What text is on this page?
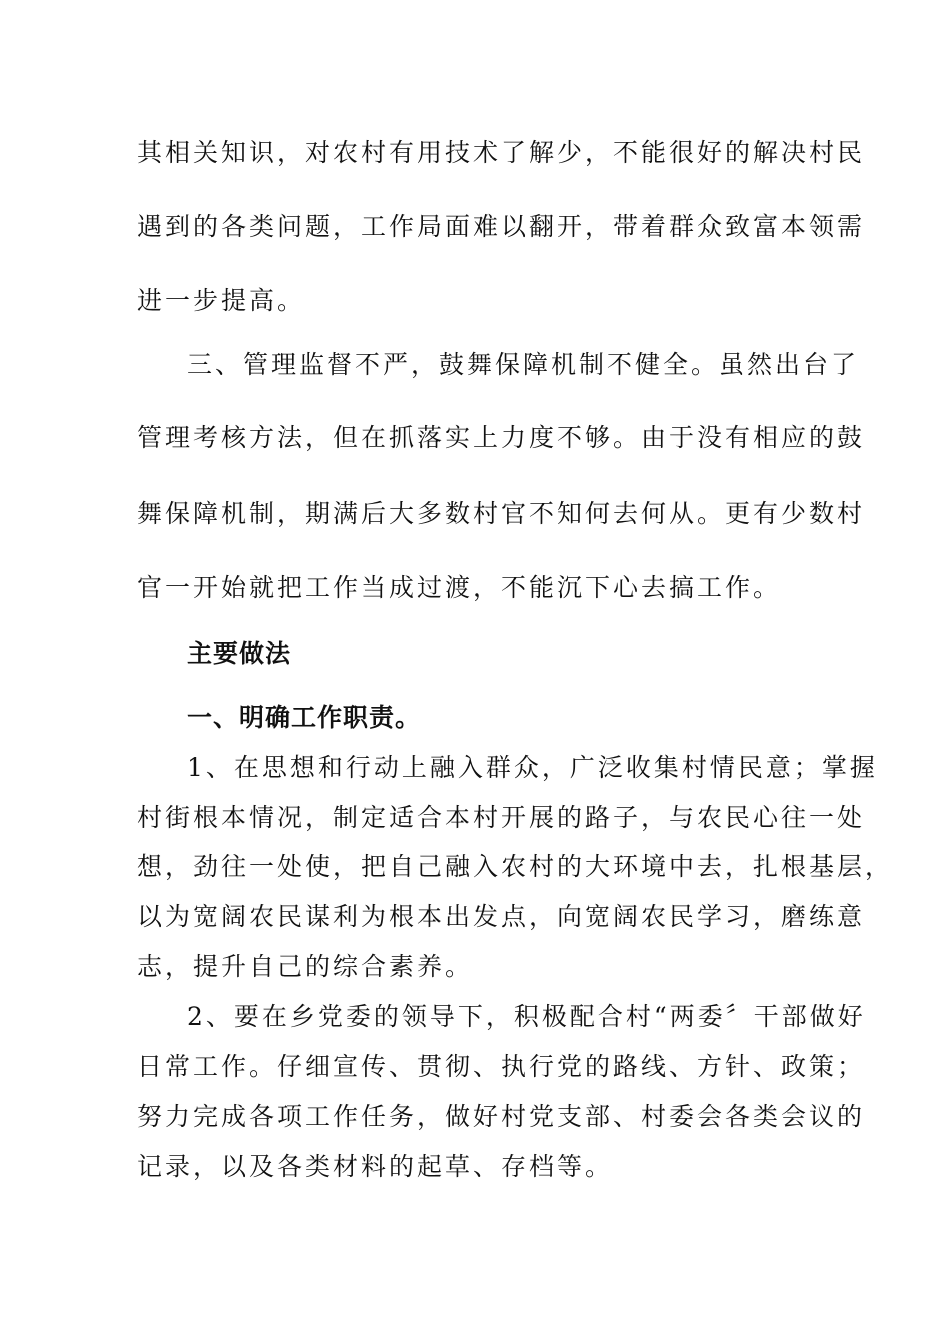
其相关知识，对农村有用技术了解少，不能很好的解决村民
遇到的各类问题，工作局面难以翻开，带着群众致富本领需
进一步提高。
三、管理监督不严，鼓舞保障机制不健全。虽然出台了
管理考核方法，但在抓落实上力度不够。由于没有相应的鼓
舞保障机制，期满后大多数村官不知何去何从。更有少数村
官一开始就把工作当成过渡，不能沉下心去搞工作。
主要做法
一、明确工作职责。
1、在思想和行动上融入群众，广泛收集村情民意；掌握
村街根本情况，制定适合本村开展的路子，与农民心往一处
想，劲往一处使，把自己融入农村的大环境中去，扎根基层，
以为宽阔农民谋利为根本出发点，向宽阔农民学习，磨练意
志，提升自己的综合素养。
2、要在乡党委的领导下，积极配合村“两委〞干部做好
日常工作。仔细宣传、贯彻、执行党的路线、方针、政策；
努力完成各项工作任务，做好村党支部、村委会各类会议的
记录，以及各类材料的起草、存档等。
